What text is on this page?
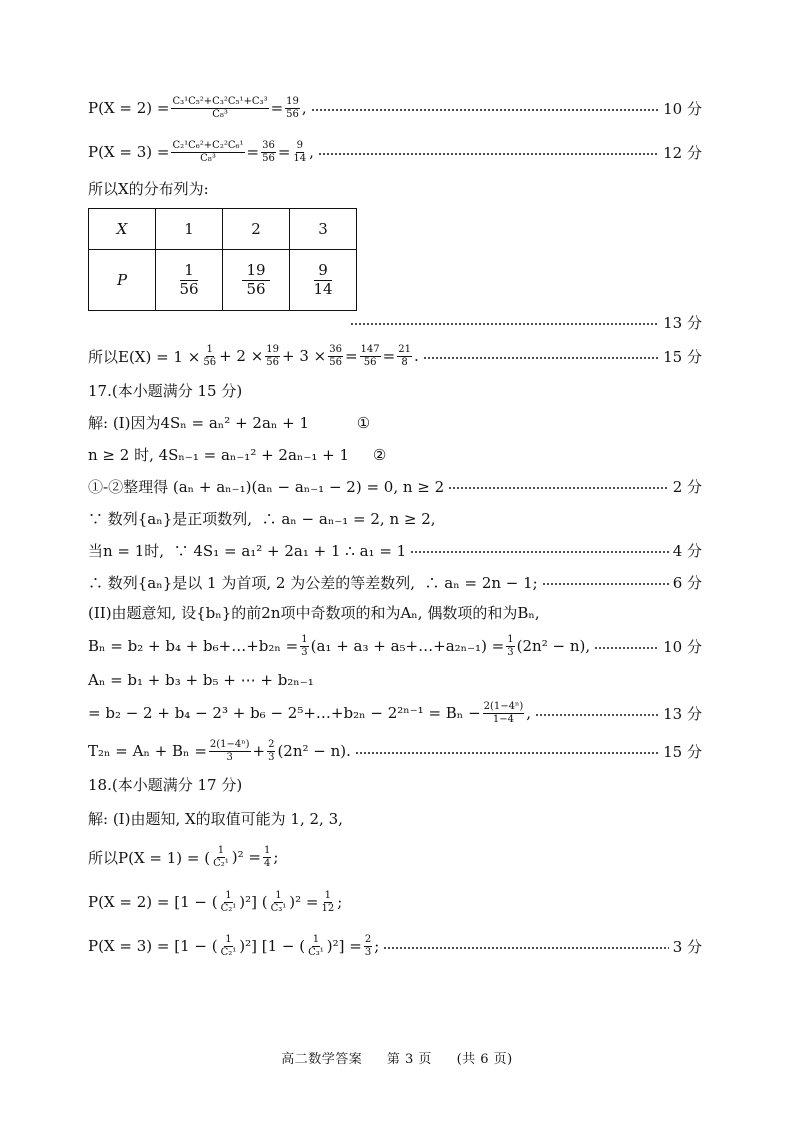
$P(X = 2) = \frac{\text{C₃¹C₅²+C₃²C₅¹+C₃³}}{\text{C₈³}} = \frac{19}{56}$ ,	10 分
$P(X = 3) = \frac{\text{C₂¹C₆²+C₂²C₆¹}}{\text{C₈³}} = \frac{36}{56} = \frac{9}{14}$ ,	12 分
所以X的分布列为:
X	1	2	3
P	$\frac{1}{56}$	$\frac{19}{56}$	$\frac{9}{14}$
13 分
所以$E(X) = 1 \times \frac{1}{56} + 2 \times \frac{19}{56} + 3 \times \frac{36}{56} = \frac{147}{56} = \frac{21}{8}$ .	15 分
17.(本小题满分 15 分)
解: (I)因为4Sₙ = aₙ² + 2aₙ + 1          ①
n ≥ 2 时, 4Sₙ₋₁ = aₙ₋₁² + 2aₙ₋₁ + 1     ②
①-②整理得 (aₙ + aₙ₋₁)(aₙ − aₙ₋₁ − 2) = 0, n ≥ 2	2 分
∵ 数列{aₙ}是正项数列,  ∴ aₙ − aₙ₋₁ = 2, n ≥ 2,
当n = 1时,  ∵ 4S₁ = a₁² + 2a₁ + 1 ∴ a₁ = 1	4 分
∴ 数列{aₙ}是以 1 为首项, 2 为公差的等差数列,  ∴ aₙ = 2n − 1;	6 分
(II)由题意知, 设{bₙ}的前2n项中奇数项的和为Aₙ, 偶数项的和为Bₙ,
Bₙ = b₂ + b₄ + b₆+…+b₂ₙ = $\frac{1}{3} (a_1 + a_3$ + a₅+…+a₂ₙ₋₁) = $\frac{1}{3} (2n^2 - n)$,	10 分
Aₙ = b₁ + b₃ + b₅ + ⋯ + b₂ₙ₋₁
= b₂ − 2 + b₄ − 2³ + b₆ − 2⁵+…+b₂ₙ − $2^{2n-1} = B_n - \frac{\text{2(1−4ⁿ)}}{1-4}$ ,	13 分
$T_{2n} = A_n + B_n = \frac{\text{2(1−4ⁿ)}}{3} + \frac{2}{3} (2n^2 - n)$.	15 分
18.(本小题满分 17 分)
解: (I)由题知, X的取值可能为 1, 2, 3,
所以P(X = 1) = ( $\frac{1}{\text{C₂¹}} )^2 = \frac{1}{4}$ ;
P(X = 2) = [1 − ( $\frac{1}{\text{C₂¹}} )^2$] ( $\frac{1}{\text{C₃¹}} )^2 = \frac{1}{12}$ ;
P(X = 3) = [1 − ( $\frac{1}{\text{C₂¹}} )^2$] [1 − ( $\frac{1}{\text{C₃¹}} )^2] = \frac{2}{3}$ ;	3 分
高二数学答案 第 3 页 (共 6 页)
